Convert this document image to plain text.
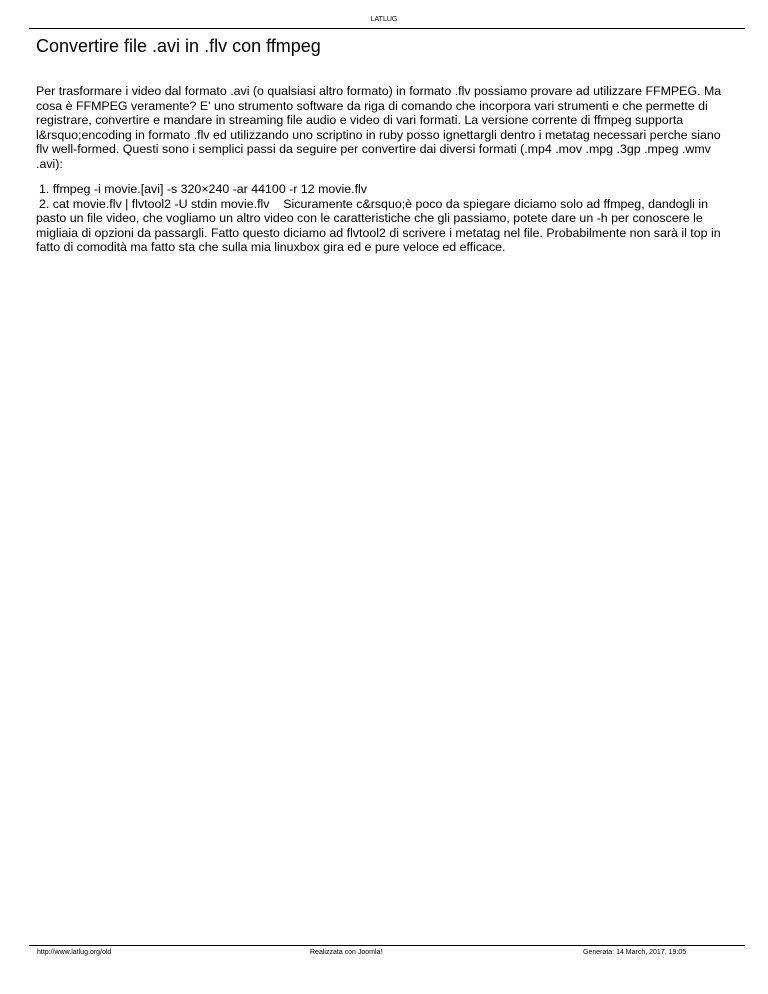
LATLUG
Convertire file .avi in .flv con ffmpeg

Per trasformare i video dal formato .avi (o qualsiasi altro formato) in formato .flv possiamo provare ad utilizzare FFMPEG. Ma cosa è FFMPEG veramente? E' uno strumento software da riga di comando che incorpora vari strumenti e che permette di registrare, convertire e mandare in streaming file audio e video di vari formati. La versione corrente di ffmpeg supporta l&rsquo;encoding in formato .flv ed utilizzando uno scriptino in ruby posso ignettargli dentro i metatag necessari perche siano flv well-formed. Questi sono i semplici passi da seguire per convertire dai diversi formati (.mp4 .mov .mpg .3gp .mpeg .wmv .avi):

1. ffmpeg -i movie.[avi] -s 320×240 -ar 44100 -r 12 movie.flv
2. cat movie.flv | flvtool2 -U stdin movie.flv Sicuramente c&rsquo;è poco da spiegare diciamo solo ad ffmpeg, dandogli in pasto un file video, che vogliamo un altro video con le caratteristiche che gli passiamo, potete dare un -h per conoscere le migliaia di opzioni da passargli. Fatto questo diciamo ad flvtool2 di scrivere i metatag nel file. Probabilmente non sarà il top in fatto di comodità ma fatto sta che sulla mia linuxbox gira ed e pure veloce ed efficace.
http://www.latlug.org/old	Realizzata con Joomla!	Generata: 14 March, 2017, 19:05
